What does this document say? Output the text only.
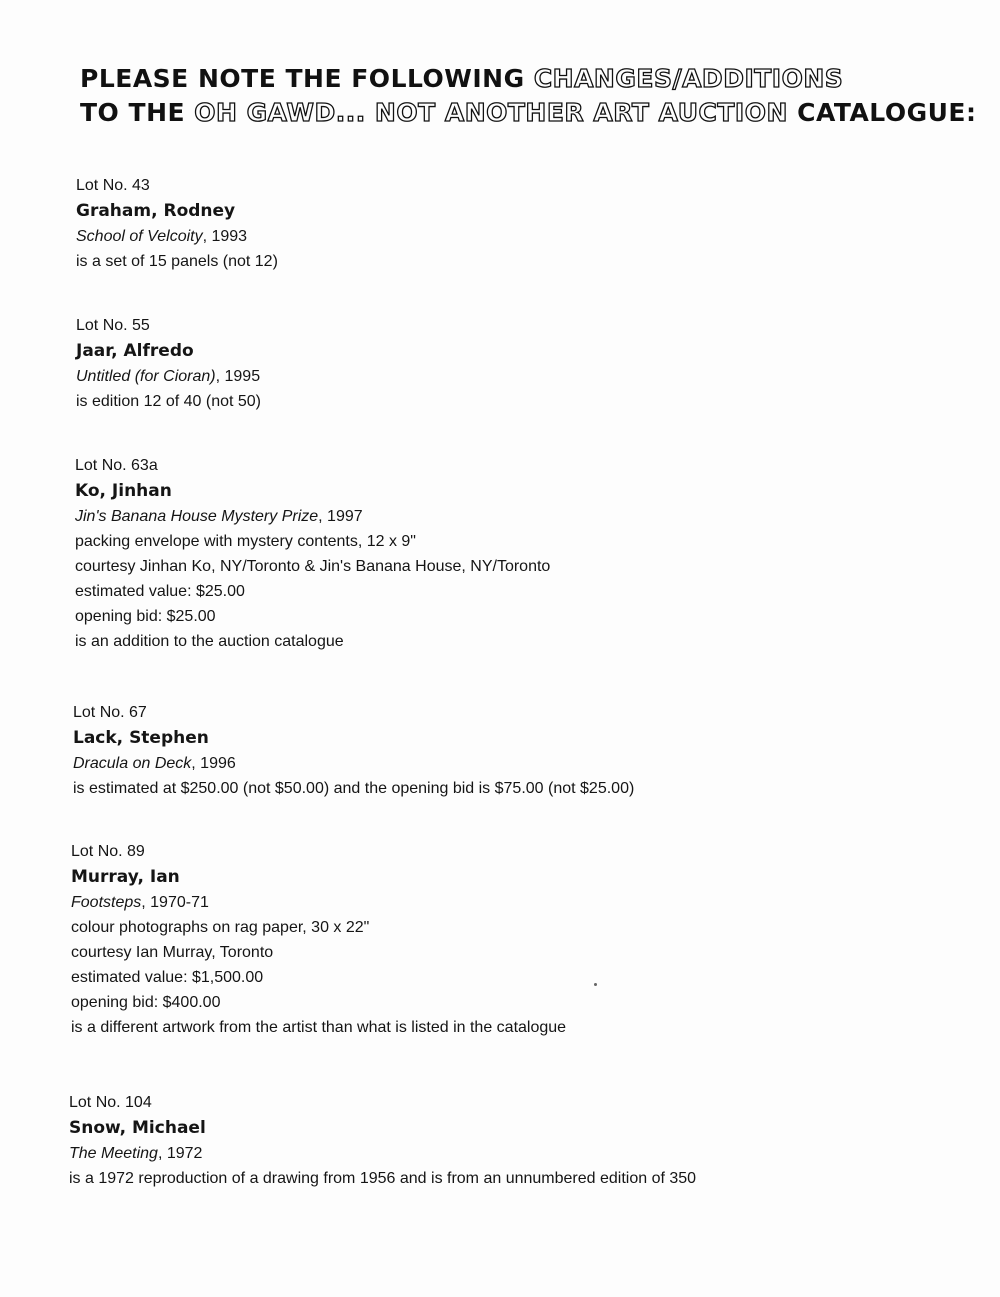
PLEASE NOTE THE FOLLOWING CHANGES/ADDITIONS
TO THE OH GAWD... NOT ANOTHER ART AUCTION CATALOGUE:
Lot No. 43
Graham, Rodney
School of Velcoity, 1993
is a set of 15 panels (not 12)
Lot No. 55
Jaar, Alfredo
Untitled (for Cioran), 1995
is edition 12 of 40 (not 50)
Lot No. 63a
Ko, Jinhan
Jin's Banana House Mystery Prize, 1997
packing envelope with mystery contents, 12 x 9"
courtesy Jinhan Ko, NY/Toronto & Jin's Banana House, NY/Toronto
estimated value: $25.00
opening bid: $25.00
is an addition to the auction catalogue
Lot No. 67
Lack, Stephen
Dracula on Deck, 1996
is estimated at $250.00 (not $50.00) and the opening bid is $75.00 (not $25.00)
Lot No. 89
Murray, Ian
Footsteps, 1970-71
colour photographs on rag paper, 30 x 22"
courtesy Ian Murray, Toronto
estimated value: $1,500.00
opening bid: $400.00
is a different artwork from the artist than what is listed in the catalogue
Lot No. 104
Snow, Michael
The Meeting, 1972
is a 1972 reproduction of a drawing from 1956 and is from an unnumbered edition of 350
